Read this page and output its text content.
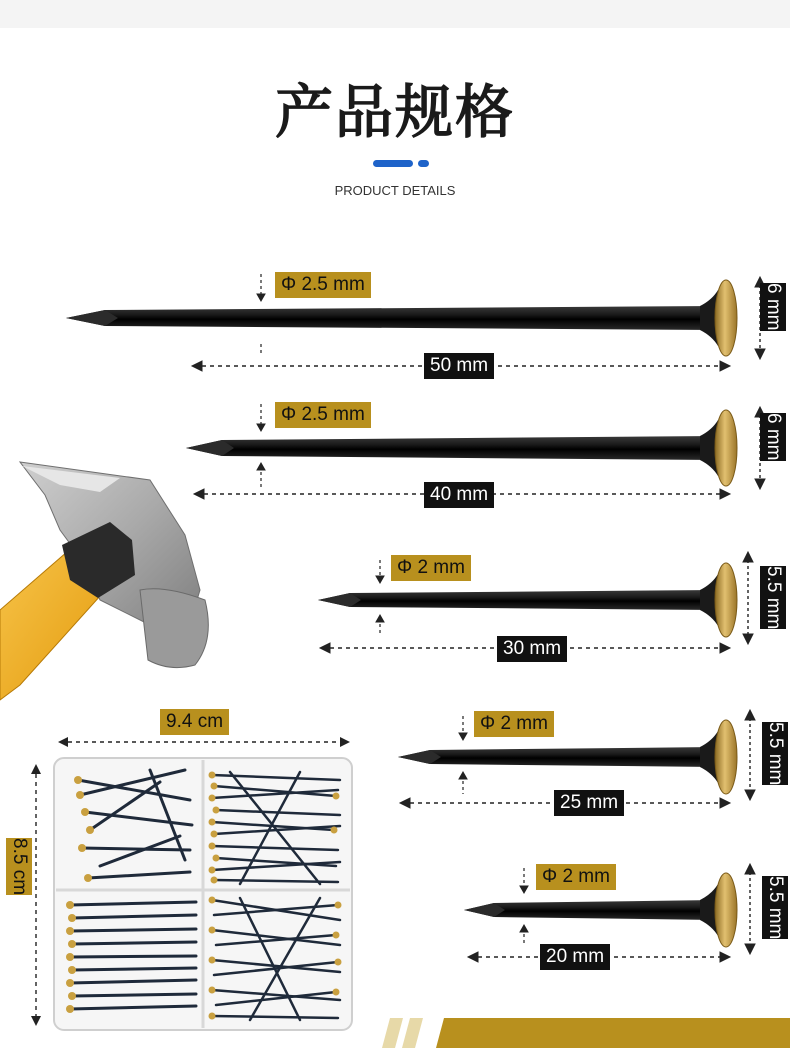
产品规格
PRODUCT DETAILS
Φ 2.5 mm
50 mm
6 mm
Φ 2.5 mm
40 mm
6 mm
Φ 2 mm
30 mm
5.5 mm
Φ 2 mm
25 mm
5.5 mm
Φ 2 mm
20 mm
5.5 mm
9.4 cm
8.5 cm
